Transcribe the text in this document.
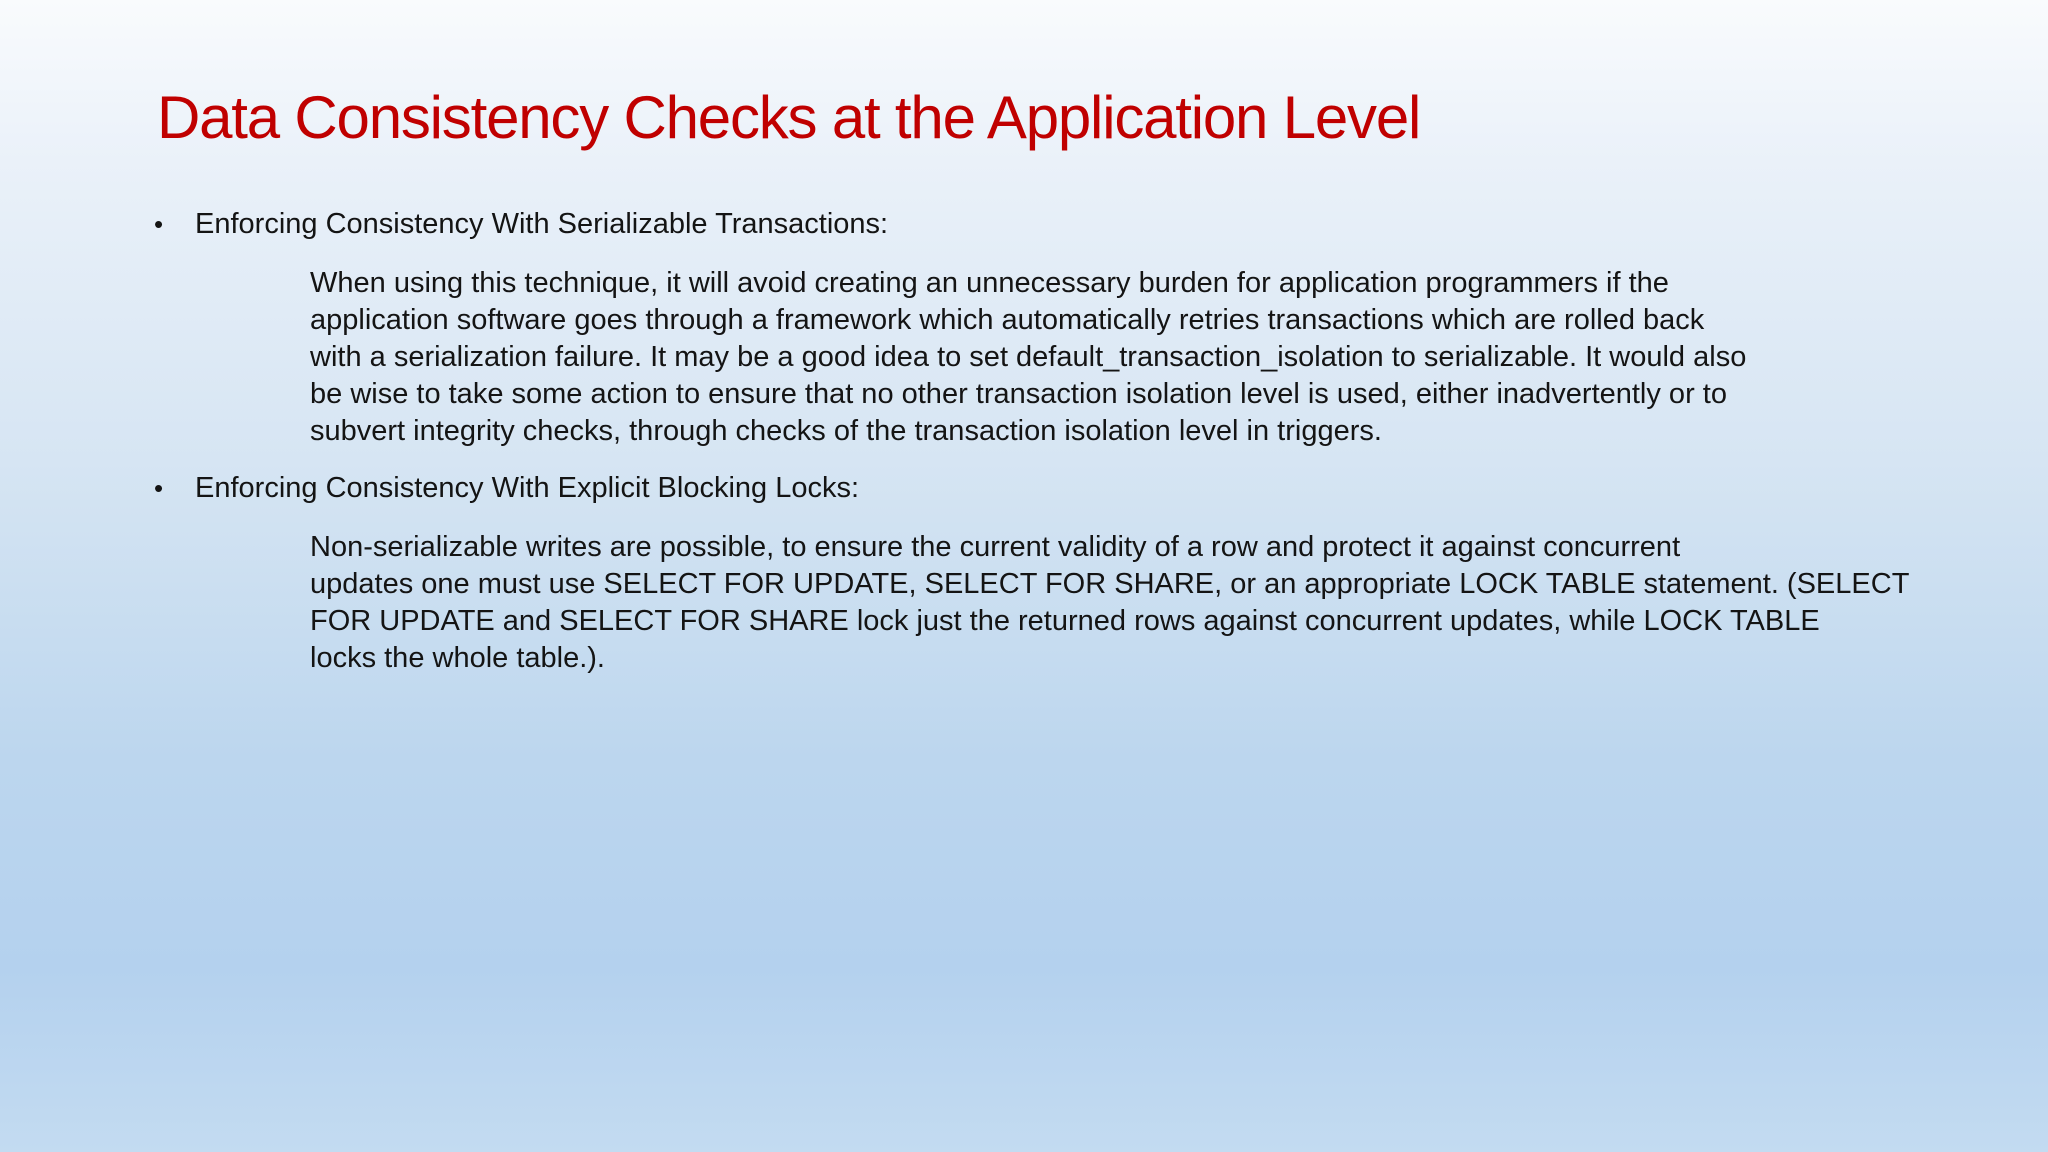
Data Consistency Checks at the Application Level
•	Enforcing Consistency With Serializable Transactions:

When using this technique, it will avoid creating an unnecessary burden for application programmers if the
application software goes through a framework which automatically retries transactions which are rolled back
with a serialization failure. It may be a good idea to set default_transaction_isolation to serializable. It would also
be wise to take some action to ensure that no other transaction isolation level is used, either inadvertently or to
subvert integrity checks, through checks of the transaction isolation level in triggers.

•	Enforcing Consistency With Explicit Blocking Locks:

Non-serializable writes are possible, to ensure the current validity of a row and protect it against concurrent
updates one must use SELECT FOR UPDATE, SELECT FOR SHARE, or an appropriate LOCK TABLE statement. (SELECT
FOR UPDATE and SELECT FOR SHARE lock just the returned rows against concurrent updates, while LOCK TABLE
locks the whole table.).
